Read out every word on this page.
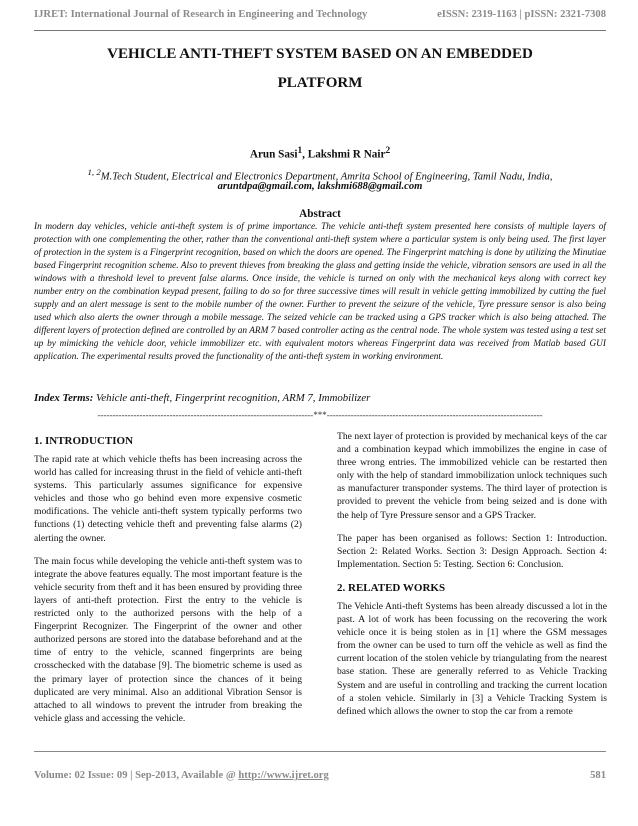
IJRET: International Journal of Research in Engineering and Technology	eISSN: 2319-1163 | pISSN: 2321-7308
VEHICLE ANTI-THEFT SYSTEM BASED ON AN EMBEDDED
PLATFORM
Arun Sasi$^1$, Lakshmi R Nair$^2$
$^{1, 2}$M.Tech Student, Electrical and Electronics Department, Amrita School of Engineering, Tamil Nadu, India,
aruntdpa@gmail.com, lakshmi688@gmail.com
Abstract

In modern day vehicles, vehicle anti-theft system is of prime importance. The vehicle anti-theft system presented here consists of multiple layers of protection with one complementing the other, rather than the conventional anti-theft system where a particular system is only being used. The first layer of protection in the system is a Fingerprint recognition, based on which the doors are opened. The Fingerprint matching is done by utilizing the Minutiae based Fingerprint recognition scheme. Also to prevent thieves from breaking the glass and getting inside the vehicle, vibration sensors are used in all the windows with a threshold level to prevent false alarms. Once inside, the vehicle is turned on only with the mechanical keys along with correct key number entry on the combination keypad present, failing to do so for three successive times will result in vehicle getting immobilized by cutting the fuel supply and an alert message is sent to the mobile number of the owner. Further to prevent the seizure of the vehicle, Tyre pressure sensor is also being used which also alerts the owner through a mobile message. The seized vehicle can be tracked using a GPS tracker which is also being attached. The different layers of protection defined are controlled by an ARM 7 based controller acting as the central node. The whole system was tested using a test set up by mimicking the vehicle door, vehicle immobilizer etc. with equivalent motors whereas Fingerprint data was received from Matlab based GUI application. The experimental results proved the functionality of the anti-theft system in working environment.

Index Terms: Vehicle anti-theft, Fingerprint recognition, ARM 7, Immobilizer
------------------------------------------------------------------------***------------------------------------------------------------------------
1. INTRODUCTION

The rapid rate at which vehicle thefts has been increasing across the world has called for increasing thrust in the field of vehicle anti-theft systems. This particularly assumes significance for expensive vehicles and those who go behind even more expensive cosmetic modifications. The vehicle anti-theft system typically performs two functions (1) detecting vehicle theft and preventing false alarms (2) alerting the owner.

The main focus while developing the vehicle anti-theft system was to integrate the above features equally. The most important feature is the vehicle security from theft and it has been ensured by providing three layers of anti-theft protection. First the entry to the vehicle is restricted only to the authorized persons with the help of a Fingerprint Recognizer. The Fingerprint of the owner and other authorized persons are stored into the database beforehand and at the time of entry to the vehicle, scanned fingerprints are being crosschecked with the database [9]. The biometric scheme is used as the primary layer of protection since the chances of it being duplicated are very minimal. Also an additional Vibration Sensor is attached to all windows to prevent the intruder from breaking the vehicle glass and accessing the vehicle.

The next layer of protection is provided by mechanical keys of the car and a combination keypad which immobilizes the engine in case of three wrong entries. The immobilized vehicle can be restarted then only with the help of standard immobilization unlock techniques such as manufacturer transponder systems. The third layer of protection is provided to prevent the vehicle from being seized and is done with the help of Tyre Pressure sensor and a GPS Tracker.

The paper has been organised as follows: Section 1: Introduction. Section 2: Related Works. Section 3: Design Approach. Section 4: Implementation. Section 5: Testing. Section 6: Conclusion.

2. RELATED WORKS

The Vehicle Anti-theft Systems has been already discussed a lot in the past. A lot of work has been focussing on the recovering the work vehicle once it is being stolen as in [1] where the GSM messages from the owner can be used to turn off the vehicle as well as find the current location of the stolen vehicle by triangulating from the nearest base station. These are generally referred to as Vehicle Tracking System and are useful in controlling and tracking the current location of a stolen vehicle. Similarly in [3] a Vehicle Tracking System is defined which allows the owner to stop the car from a remote

Volume: 02 Issue: 09 | Sep-2013, Available @ http://www.ijret.org	581
